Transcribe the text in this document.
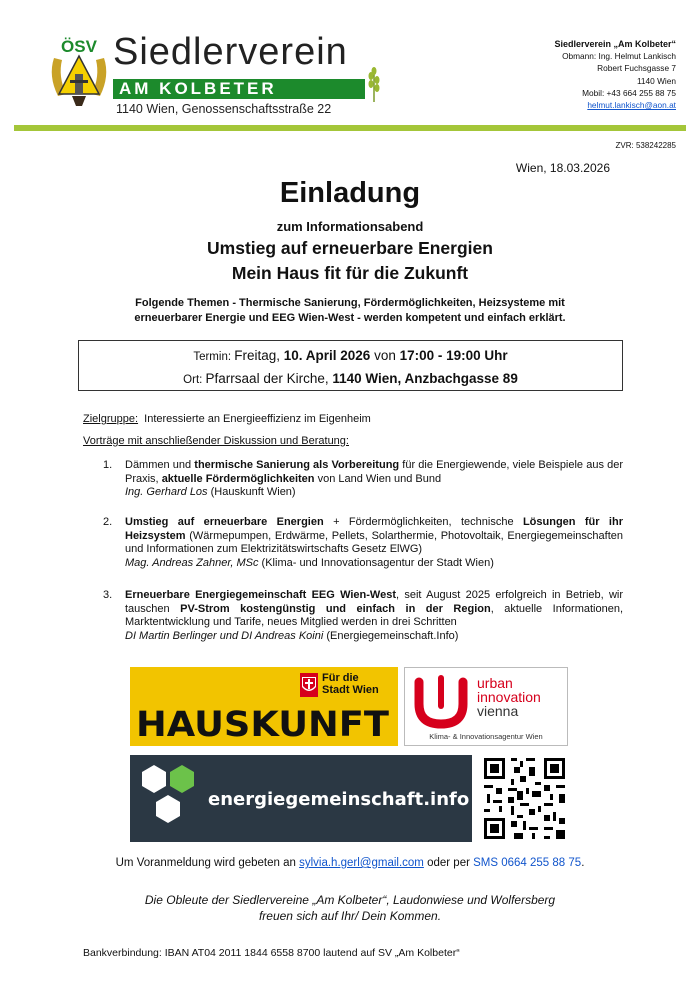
ÖSV Siedlerverein
AM KOLBETER
1140 Wien, Genossenschaftsstraße 22
Siedlerverein „Am Kolbeter“
Obmann: Ing. Helmut Lankisch
Robert Fuchsgasse 7
1140 Wien
Mobil: +43 664 255 88 75
helmut.lankisch@aon.at
ZVR: 538242285
Wien, 18.03.2026
Einladung
zum Informationsabend
Umstieg auf erneuerbare Energien
Mein Haus fit für die Zukunft
Folgende Themen - Thermische Sanierung, Fördermöglichkeiten, Heizsysteme mit
erneuerbarer Energie und EEG Wien-West - werden kompetent und einfach erklärt.
Termin: Freitag, 10. April 2026 von 17:00 - 19:00 Uhr
Ort: Pfarrsaal der Kirche, 1140 Wien, Anzbachgasse 89
Zielgruppe:  Interessierte an Energieeffizienz im Eigenheim
Vorträge mit anschließender Diskussion und Beratung:
1. Dämmen und thermische Sanierung als Vorbereitung für die Energiewende, viele Beispiele aus der Praxis, aktuelle Fördermöglichkeiten von Land Wien und Bund
Ing. Gerhard Los (Hauskunft Wien)

2. Umstieg auf erneuerbare Energien + Fördermöglichkeiten, technische Lösungen für ihr Heizsystem (Wärmepumpen, Erdwärme, Pellets, Solarthermie, Photovoltaik, Energiegemeinschaften und Informationen zum Elektrizitätswirtschafts Gesetz ElWG)
Mag. Andreas Zahner, MSc (Klima- und Innovationsagentur der Stadt Wien)

3. Erneuerbare Energiegemeinschaft EEG Wien-West, seit August 2025 erfolgreich in Betrieb, wir tauschen PV-Strom kostengünstig und einfach in der Region, aktuelle Informationen, Marktentwicklung und Tarife, neues Mitglied werden in drei Schritten
DI Martin Berlinger und DI Andreas Koini (Energiegemeinschaft.Info)

Für die
Stadt Wien
HAUSKUNFT
urban
innovation
vienna
Klima- & Innovationsagentur Wien
energiegemeinschaft.info
Um Voranmeldung wird gebeten an sylvia.h.gerl@gmail.com oder per SMS 0664 255 88 75.
Die Obleute der Siedlervereine „Am Kolbeter“, Laudonwiese und Wolfersberg
freuen sich auf Ihr/ Dein Kommen.
Bankverbindung: IBAN AT04 2011 1844 6558 8700 lautend auf SV „Am Kolbeter“
